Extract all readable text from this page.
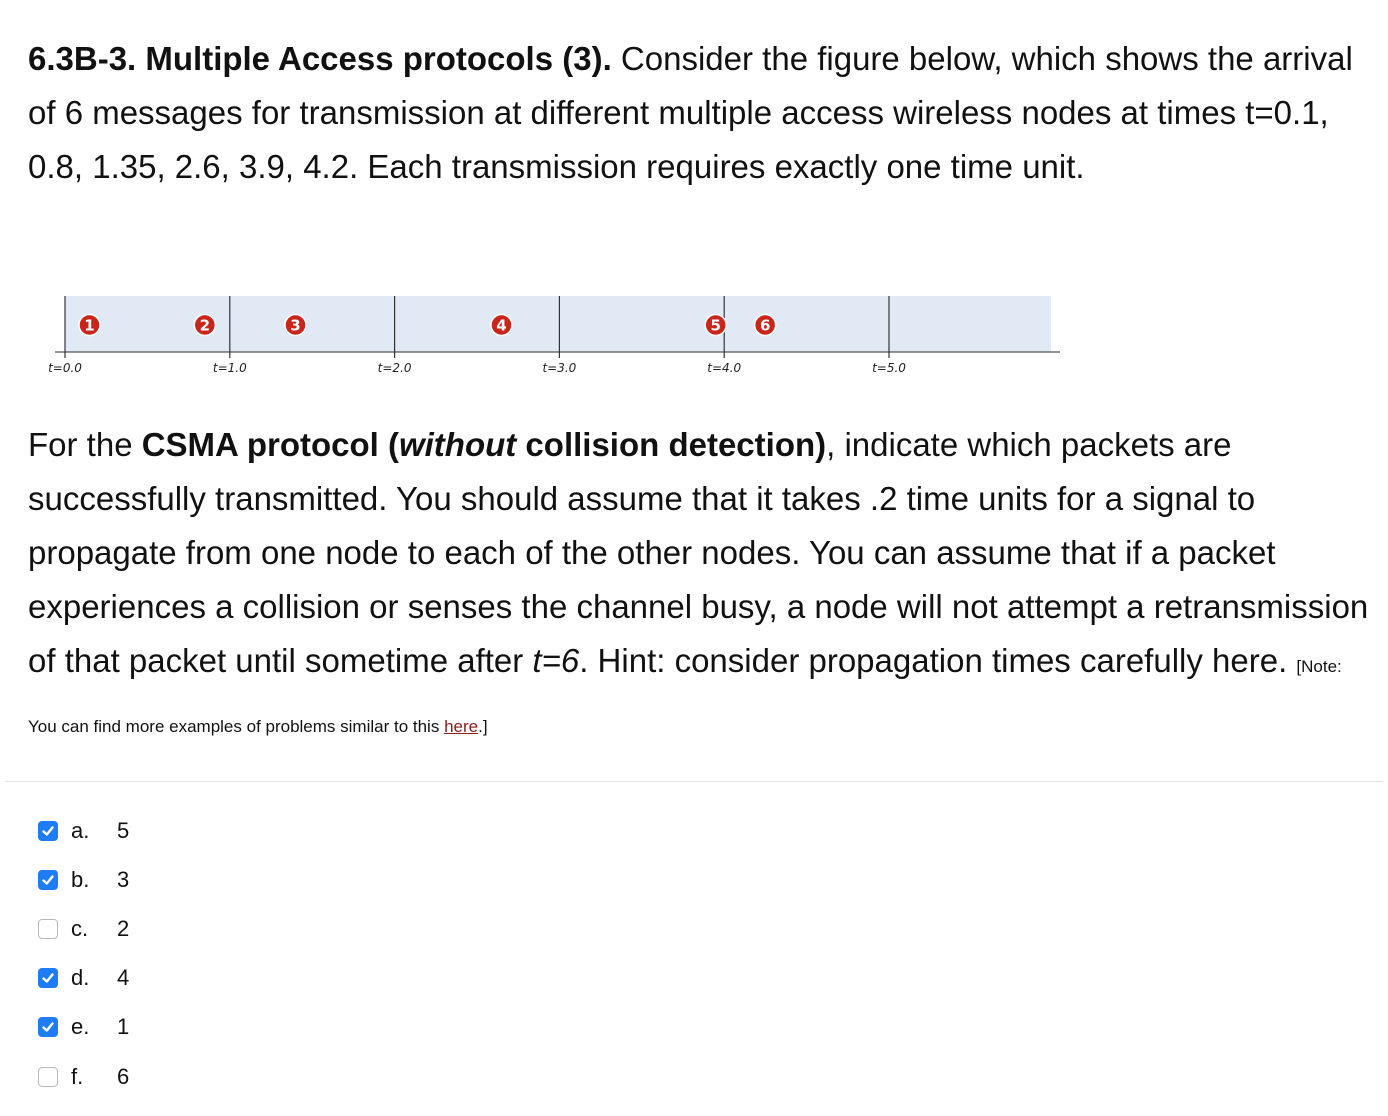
6.3B-3. Multiple Access protocols (3). Consider the figure below, which shows the arrival of 6 messages for transmission at different multiple access wireless nodes at times t=0.1, 0.8, 1.35, 2.6, 3.9, 4.2. Each transmission requires exactly one time unit.
t=0.0	t=1.0	t=2.0	t=3.0	t=4.0	t=5.0
1	2	3	4	5	6
For the CSMA protocol (without collision detection), indicate which packets are successfully transmitted. You should assume that it takes .2 time units for a signal to propagate from one node to each of the other nodes. You can assume that if a packet experiences a collision or senses the channel busy, a node will not attempt a retransmission of that packet until sometime after t=6. Hint: consider propagation times carefully here. [Note: You can find more examples of problems similar to this here.]
a.	5
b.	3
c.	2
d.	4
e.	1
f.	6
